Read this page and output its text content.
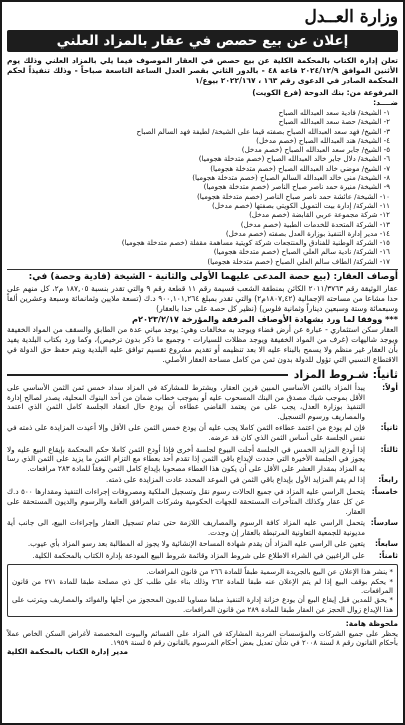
وزارة العــدل
إعلان عن بيع حصص في عقار بالمزاد العلني

تعلن إدارة الكتاب بالمحكمة الكلية عن بيع حصص في العقار الموصوف فيما يلي بالمزاد العلني وذلك يوم الأثنين الموافق ٢٠٢٤/١٢/٩ قاعة ٤٨ - بالدور الثاني بقصر العدل الساعة التاسعة صباحاً - وذلك تنفيذاً لحكم المحكمة الصادر في الدعوى رقم ١٦٣ ، ٢٠٢٢/١٦٧ بيوع/١

المرفوعة من: بنك الدوحة (فرع الكويت)

ضــــد:

١- الشيخة/ فادية سعد العبدالله الصباح
٢- الشيخة/ حصة سعد العبدالله الصباح
٣- الشيخ/ فهد سعد العبدالله الصباح بصفته قيما على الشيخة/ لطيفة فهد السالم الصباح
٤- الشيخة/ هند العبدالله الصباح (خصم مدخل)
٥- الشيخ/ جابر سعد العبدالله الصباح (خصم مدخل)
٦- الشيخة/ دلال جابر خالد العبدالله الصباح (خصم متدخلة هجوميا)
٧- الشيخ/ موضي خالد العبدالله الصباح (خصم متدخلة هجوميا)
٨- الشيخة/ منى خالد العبدالله السالم الصباح (خصم متدخلة هجوميا)
٩- الشيخة/ منيرة حمد ناصر صباح الناصر (خصم متدخلة هجوميا)
١٠- الشيخة/ عائشة حمد ناصر صباح الناصر (خصم متدخلة هجوميا)
١١- الشركة/ إدارة بيت التمويل الكويتي بصفتها (خصم مدخل)
١٢- شركة مجموعة عربي القابضة (خصم مدخل)
١٣- الشركة المتحدة للخدمات الطبية (خصم مدخل)
١٤- مدير إدارة التنفيذ بوزارة العدل بصفته (خصم مدخل)
١٥- الشركة الوطنية للفنادق والمنتجعات شركة كويتية مساهمة مقفلة (خصم متدخلة هجوميا)
١٦- الشركة/ نادية سالم العلي الصباح (خصم متدخلة هجوميا)
١٧- الشركة/ الطاف سالم العلي الصباح (خصم متدخلة هجوميا)
أوصاف العقار: (بيع حصة المدعى عليهما الأولى والثانية - الشيخة (فادية وحصة) في:

عقار الوثيقة رقم ٢٠١١/٣٧٦٣ الكائن بمنطقة الشعب قسيمة رقم ١١ قطعة رقم ٩ والتي تقدر بنسبة ١٨٧,٠٥ م٢، كل منهم على حدا مشاعا من مساحته الإجمالية (١٨٠٧,٤٢م٢) والتي تقدر بمبلغ ٩٠٠,١٠١,٢٦٤ د.ك (تسعة ملايين وثمانمائة وسبعة وعشرين ألفاً وسبعمائة وستة وسبعين ديناراً وثمانية فلوس) (نظير كل حصة على حدا بالعقار)

*** ووفقا لما ورد بشهادة الأوصاف المرفقة والمؤرخة ٢٠٢٣/٢/١٧م

العقار سكن استثماري - عبارة عن أرض فضاء ويوجد به مخالفات وهي: يوجد مباني عدة من الطابق والسقف من المواد الخفيفة ويوجد شاليهات (غرف من المواد الخفيفة ويوجد مظلات للسيارات - وجميع ما ذكر بدون ترخيص)، وكما ورد بكتاب البلدية يفيد بأن العقار غير منظم ولا يسمح بالبناء عليه الا بعد تنظيمه أو تقديم مشروع تقسيم توافق عليه البلدية ويتم حفظ حق الدولة في الاقتطاع النسبي التي تؤول للدولة بدون ثمن من كامل مساحة العقار الأصلي.

ثانياً: شـروط المزاد
أولاً:
يبدأ المزاد بالثمن الأساسي المبين قرين العقار، ويشترط للمشاركة في المزاد سداد خمس ثمن الثمن الأساسي على الأقل بموجب شيك مصدق من البنك المسحوب عليه أو بموجب خطاب ضمان من أحد البنوك المحلية، يصدر لصالح إدارة التنفيذ بوزارة العدل، يجب على من يعتمد القاضي عطاءه أن يودع حال انعقاد الجلسة كامل الثمن الذي اعتمد والمصاريف ورسوم التسجيل.
ثانياً:
فإن لم يودع من اعتمد عطاءه الثمن كاملا يجب عليه أن يودع خمس الثمن على الأقل وإلا أعيدت المزايدة على ذمته في نفس الجلسة على أساس الثمن الذي كان قد عرضه.
ثالثاً:
إذا أودع المزايد الخمس في الجلسة أجلت البيوع لجلسة أخرى فإذا أودع الثمن كاملا حكم المحكمة بإيقاع البيع عليه ولا يجوز في الجلسة الأخيرة التي حددت لإيداع باقي الثمن إذا تقدم أحد بعطاء مع التزام الثمن ما يزيد على الثمن الذي رسا به المزاد بمقدار العشر على الأقل على أن يكون هذا العطاء مصحوبا بإيداع كامل الثمن وفقاً للمادة ٢٨٣ مرافعات.
رابعاً:
إذا لم يقم المزايد الأول بإيداع باقي الثمن في الموعد المحدد عادت المزايدة على ذمته.
خامساً:
يتحمل الراسي عليه المزاد في جميع الحالات رسوم نقل وتسجيل الملكية ومصروفات إجراءات التنفيذ ومقدارها ٥٠٠ د.ك عن كل عقار وكذلك المتأخرات المستحقة للجهات الحكومية وشركات المرافق العامة والرسوم والديون المستحقة على العقار.
سادساً:
يتحمل الراسي عليه المزاد كافة الرسوم والمصاريف اللازمة حتى تمام تسجيل العقار وإجراءات البيع، الى جانب أية مديونية للجمعية التعاونية المرتبطة بالعقار إن وجدت.
سابعاً:
يتعين على الراسي عليه المزاد أن يقدم شهادة المساحة الإنشائية ولا يجوز له المطالبة بعد رسو المزاد بأي عيوب.
ثامناً:
على الراغبين في الشراء الاطلاع على شروط المزاد وقائمة شروط البيع المودعة بإدارة الكتاب بالمحكمة الكلية.

* ينشر هذا الإعلان عن البيع بالجريدة الرسمية طبقاً للمادة ٢٦٦ من قانون المرافعات.

* يحكم بوقف البيع إذا لم يتم الإعلان عنه طبقا للمادة ٢٦٢ وذلك بناء على طلب كل ذي مصلحة طبقا للمادة ٢٧١ من قانون المرافعات.

* يحق للمدين قبل إيقاع البيع أن يودع خزانة إدارة التنفيذ مبلغا مساويا للديون المحجوز من أجلها والفوائد والمصاريف ويترتب على هذا الإيداع زوال الحجز عن العقار طبقا للمادة ٢٨٩ من قانون المرافعات.

ملحوظة هامة:

يحظر على جميع الشركات والمؤسسات الفردية المشاركة في المزاد على القسائم والبيوت المخصصة لأغراض السكن الخاص عملاً بأحكام القانون رقم ٨ لسنة ٢٠٠٨ في شأن تعديل بعض أحكام المرسوم بالقانون رقم ٥ لسنة ١٩٥٩.

مدير إدارة الكتاب بالمحكمة الكلية
